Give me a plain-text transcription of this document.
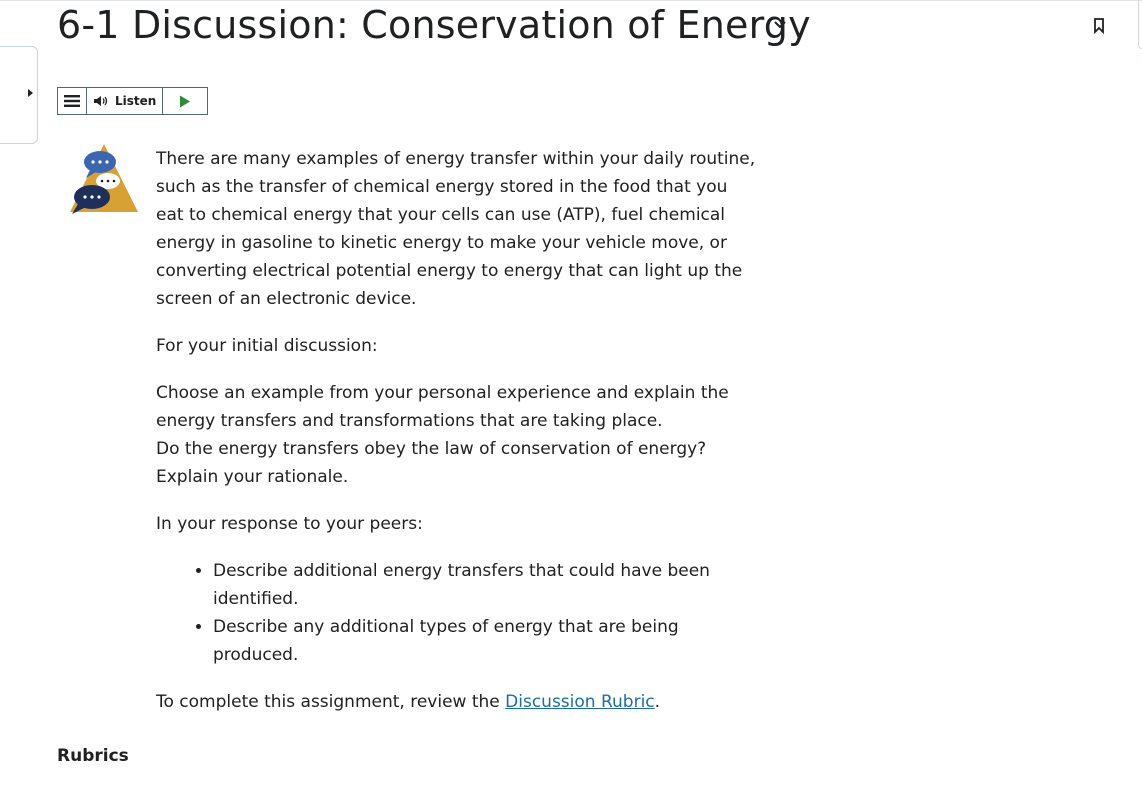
6-1 Discussion: Conservation of Energy
Listen

There are many examples of energy transfer within your daily routine, such as the transfer of chemical energy stored in the food that you eat to chemical energy that your cells can use (ATP), fuel chemical energy in gasoline to kinetic energy to make your vehicle move, or converting electrical potential energy to energy that can light up the screen of an electronic device.

For your initial discussion:

Choose an example from your personal experience and explain the energy transfers and transformations that are taking place.
Do the energy transfers obey the law of conservation of energy? Explain your rationale.

In your response to your peers:

• Describe additional energy transfers that could have been identified.
• Describe any additional types of energy that are being produced.

To complete this assignment, review the Discussion Rubric.

Rubrics
